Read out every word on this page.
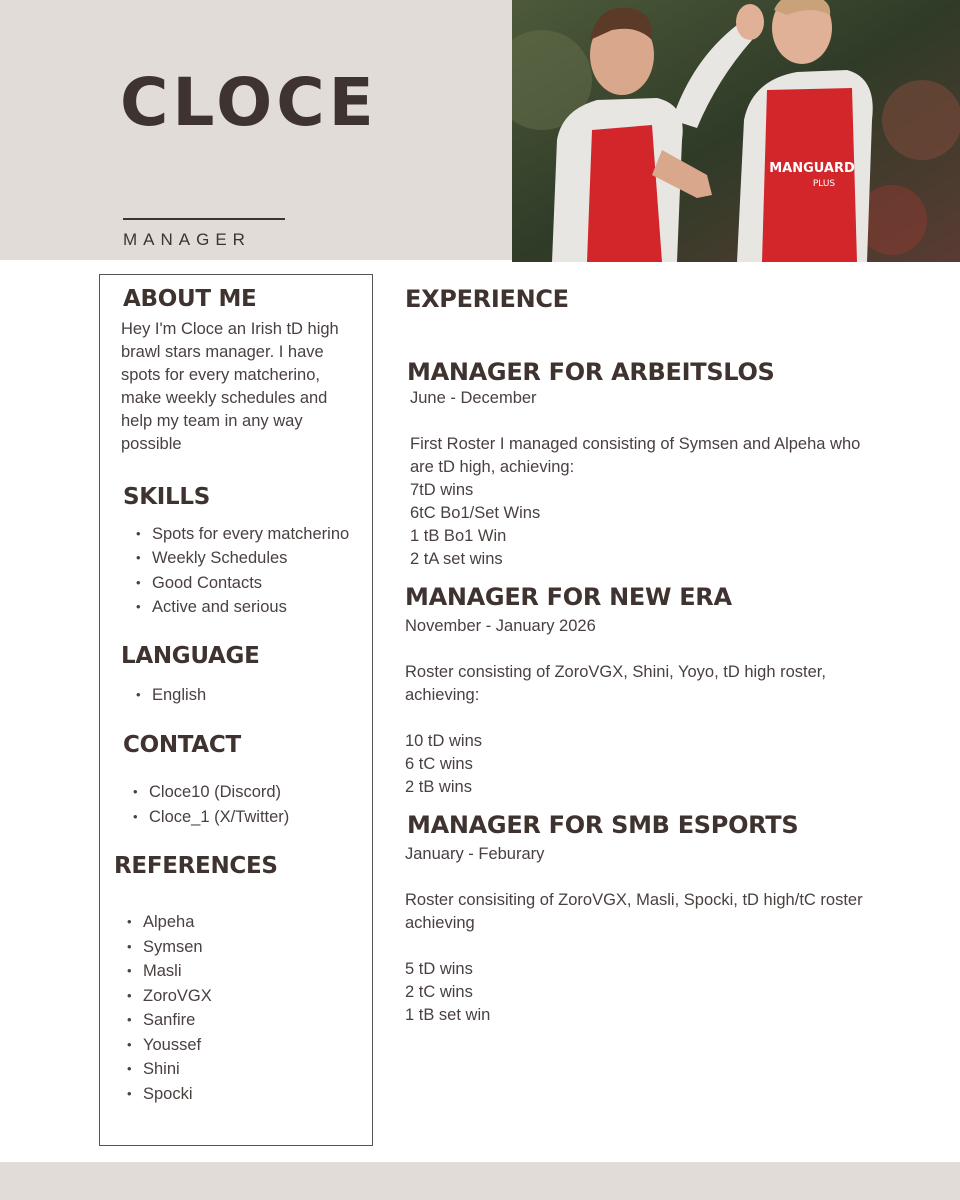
MANGUARD
PLUS
CLOCE
MANAGER
ABOUT ME
Hey I'm Cloce an Irish tD high
brawl stars manager. I have
spots for every matcherino,
make weekly schedules and
help my team in any way
possible
SKILLS
• Spots for every matcherino
• Weekly Schedules
• Good Contacts
• Active and serious
LANGUAGE
• English
CONTACT
• Cloce10 (Discord)
• Cloce_1 (X/Twitter)
REFERENCES
• Alpeha
• Symsen
• Masli
• ZoroVGX
• Sanfire
• Youssef
• Shini
• Spocki
EXPERIENCE
MANAGER FOR ARBEITSLOS
June - December

First Roster I managed consisting of Symsen and Alpeha who
are tD high, achieving:
7tD wins
6tC Bo1/Set Wins
1 tB Bo1 Win
2 tA set wins
MANAGER FOR NEW ERA
November - January 2026

Roster consisting of ZoroVGX, Shini, Yoyo, tD high roster,
achieving:

10 tD wins
6 tC wins
2 tB wins
MANAGER FOR SMB ESPORTS
January - Feburary

Roster consisiting of ZoroVGX, Masli, Spocki, tD high/tC roster
achieving

5 tD wins
2 tC wins
1 tB set win
